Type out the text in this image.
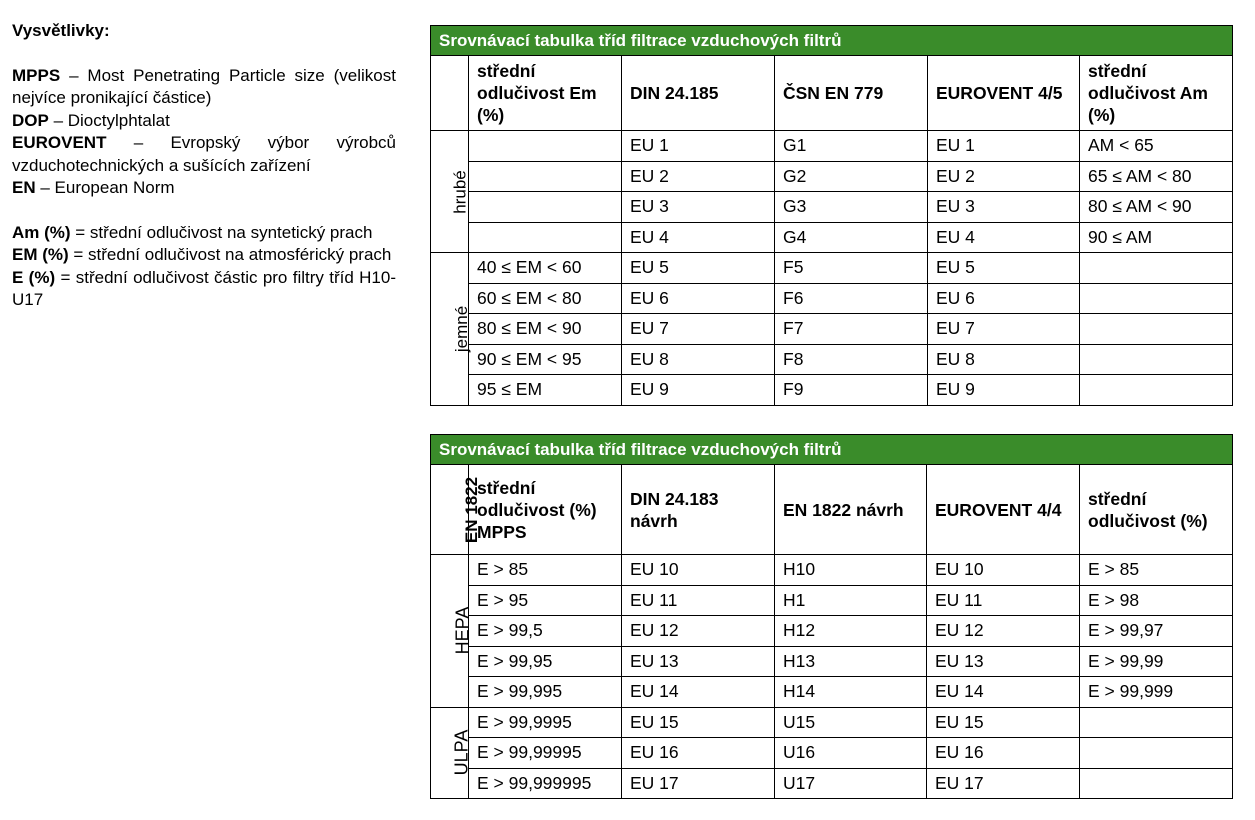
Vysvětlivky:

MPPS – Most Penetrating Particle size (velikost nejvíce pronikající částice)

DOP – Dioctylphtalat

EUROVENT – Evropský výbor výrobců vzduchotechnických a sušících zařízení

EN – European Norm

Am (%) = střední odlučivost na syntetický prach

EM (%) = střední odlučivost na atmosférický prach

E (%) = střední odlučivost částic pro filtry tříd H10-U17

Srovnávací tabulka tříd filtrace vzduchových filtrů					
	střední odlučivost Em (%)	DIN 24.185	ČSN EN 779	EUROVENT 4/5	střední odlučivost Am (%)
hrubé		EU 1	G1	EU 1	AM < 65
		EU 2	G2	EU 2	65 ≤ AM < 80
		EU 3	G3	EU 3	80 ≤ AM < 90
		EU 4	G4	EU 4	90 ≤ AM
jemné	40 ≤ EM < 60	EU 5	F5	EU 5	
	60 ≤ EM < 80	EU 6	F6	EU 6	
	80 ≤ EM < 90	EU 7	F7	EU 7	
	90 ≤ EM < 95	EU 8	F8	EU 8	
	95 ≤ EM	EU 9	F9	EU 9	
Srovnávací tabulka tříd filtrace vzduchových filtrů					
EN 1822	střední odlučivost (%) MPPS	DIN 24.183 návrh	EN 1822 návrh	EUROVENT 4/4	střední odlučivost (%)
HEPA	E > 85	EU 10	H10	EU 10	E > 85
	E > 95	EU 11	H1	EU 11	E > 98
	E > 99,5	EU 12	H12	EU 12	E > 99,97
	E > 99,95	EU 13	H13	EU 13	E > 99,99
	E > 99,995	EU 14	H14	EU 14	E > 99,999
ULPA	E > 99,9995	EU 15	U15	EU 15	
	E > 99,99995	EU 16	U16	EU 16	
	E > 99,999995	EU 17	U17	EU 17	
